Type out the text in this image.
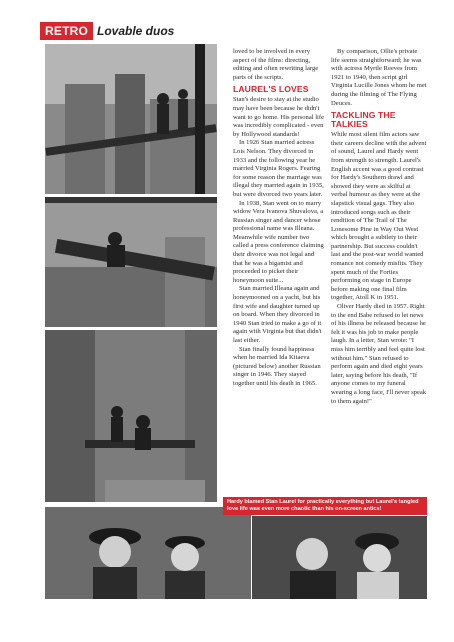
RETRO Lovable duos

loved to be involved in every aspect of the films: directing, editing and often rewriting large parts of the scripts.

LAUREL'S LOVES

Stan's desire to stay at the studio may have been because he didn't want to go home. His personal life was incredibly complicated - even by Hollywood standards!

In 1926 Stan married actress Lois Nelson. They divorced in 1933 and the following year he married Virginia Rogers. Fearing for some reason the marriage was illegal they married again in 1935, but were divorced two years later.

In 1938, Stan went on to marry widow Vera Ivanova Shuvalova, a Russian singer and dancer whose professional name was Illeana. Meanwhile wife number two called a press conference claiming their divorce was not legal and that he was a bigamist and proceeded to picket their honeymoon suite...

Stan married Illeana again and honeymooned on a yacht, but his first wife and daughter turned up on board. When they divorced in 1940 Stan tried to make a go of it again with Virginia but that didn't last either.

Stan finally found happiness when he married Ida Kitaeva (pictured below) another Russian singer in 1946. They stayed together until his death in 1965.

By comparison, Ollie's private life seems straightforward; he was with actress Myrtle Reeves from 1921 to 1940, then script girl Virginia Lucille Jones whom he met during the filming of The Flying Deuces.

TACKLING THE
TALKIES

While most silent film actors saw their careers decline with the advent of sound, Laurel and Hardy went from strength to strength. Laurel's English accent was a good contrast for Hardy's Southern drawl and showed they were as skilful at verbal humour as they were at the slapstick visual gags. They also introduced songs such as their rendition of The Trail of The Lonesome Pine in Way Out West which brought a subtlety to their partnership. But success couldn't last and the post-war world wanted romance not comedy misfits. They spent much of the Forties performing on stage in Europe before making one final film together, Atoll K in 1951.

Oliver Hardy died in 1957. Right to the end Babe refused to let news of his illness be released because he felt it was his job to make people laugh. In a letter, Stan wrote: "I miss him terribly and feel quite lost without him." Stan refused to perform again and died eight years later, saying before his death, "If anyone comes to my funeral wearing a long face, I'll never speak to them again!"

Hardy blamed Stan Laurel for practically everything but Laurel's tangled love life was even more chaotic than his on-screen antics!
